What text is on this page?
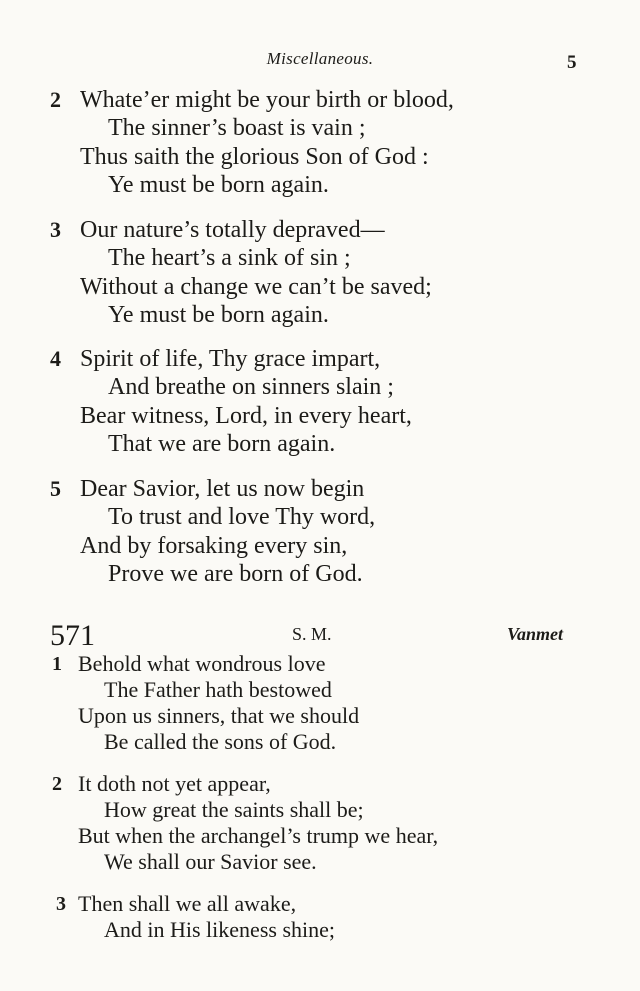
Miscellaneous.	5
2 Whate’er might be your birth or blood,
The sinner’s boast is vain ;
Thus saith the glorious Son of God :
Ye must be born again.
3 Our nature’s totally depraved—
The heart’s a sink of sin ;
Without a change we can’t be saved;
Ye must be born again.
4 Spirit of life, Thy grace impart,
And breathe on sinners slain ;
Bear witness, Lord, in every heart,
That we are born again.
5 Dear Savior, let us now begin
To trust and love Thy word,
And by forsaking every sin,
Prove we are born of God.
571	S. M.	Vanmet
1 Behold what wondrous love
The Father hath bestowed
Upon us sinners, that we should
Be called the sons of God.
2 It doth not yet appear,
How great the saints shall be;
But when the archangel’s trump we hear,
We shall our Savior see.
3 Then shall we all awake,
And in His likeness shine;
